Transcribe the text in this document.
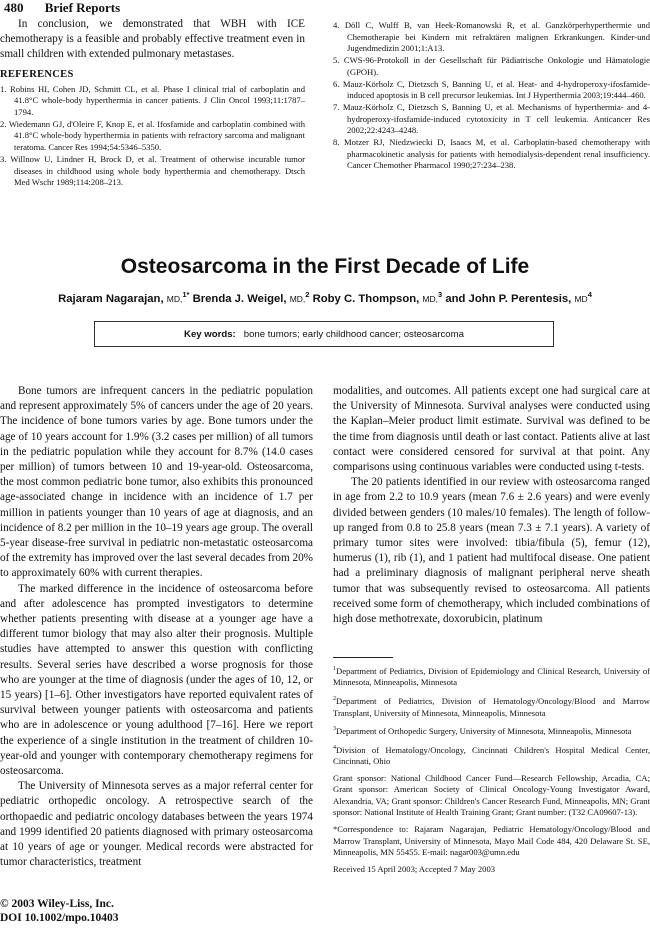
480 Brief Reports

In conclusion, we demonstrated that WBH with ICE chemotherapy is a feasible and probably effective treatment even in small children with extended pulmonary metastases.

REFERENCES

1. Robins HI, Cohen JD, Schmitt CL, et al. Phase I clinical trial of carboplatin and 41.8°C whole-body hyperthermia in cancer patients. J Clin Oncol 1993;11:1787–1794.

2. Wiedemann GJ, d'Oleire F, Knop E, et al. Ifosfamide and carboplatin combined with 41.8°C whole-body hyperthermia in patients with refractory sarcoma and malignant teratoma. Cancer Res 1994;54:5346–5350.

3. Willnow U, Lindner H, Brock D, et al. Treatment of otherwise incurable tumor diseases in childhood using whole body hyperthermia and chemotherapy. Dtsch Med Wschr 1989;114:208–213.

4. Döll C, Wulff B, van Heek-Romanowski R, et al. Ganzkörperhyperthermie und Chemotherapie bei Kindern mit refraktären malignen Erkrankungen. Kinder-und Jugendmedizin 2001;1:A13.

5. CWS-96-Protokoll in der Gesellschaft für Pädiatrische Onkologie und Hämatologie (GPOH).

6. Mauz-Körholz C, Dietzsch S, Banning U, et al. Heat- and 4-hydroperoxy-ifosfamide-induced apoptosis in B cell precursor leukemias. Int J Hyperthermia 2003;19:444–460.

7. Mauz-Körholz C, Dietzsch S, Banning U, et al. Mechanisms of hyperthermia- and 4-hydroperoxy-ifosfamide-induced cytotoxicity in T cell leukemia. Anticancer Res 2002;22:4243–4248.

8. Motzer RJ, Niedzwiecki D, Isaacs M, et al. Carboplatin-based chemotherapy with pharmacokinetic analysis for patients with hemodialysis-dependent renal insufficiency. Cancer Chemother Pharmacol 1990;27:234–238.

Osteosarcoma in the First Decade of Life
Rajaram Nagarajan, MD,$^{1*}$ Brenda J. Weigel, MD,$^2$ Roby C. Thompson, MD,$^3$ and John P. Perentesis, $MD^4$
Key words: bone tumors; early childhood cancer; osteosarcoma

Bone tumors are infrequent cancers in the pediatric population and represent approximately 5% of cancers under the age of 20 years. The incidence of bone tumors varies by age. Bone tumors under the age of 10 years account for 1.9% (3.2 cases per million) of all tumors in the pediatric population while they account for 8.7% (14.0 cases per million) of tumors between 10 and 19-year-old. Osteosarcoma, the most common pediatric bone tumor, also exhibits this pronounced age-associated change in incidence with an incidence of 1.7 per million in patients younger than 10 years of age at diagnosis, and an incidence of 8.2 per million in the 10–19 years age group. The overall 5-year disease-free survival in pediatric non-metastatic osteosarcoma of the extremity has improved over the last several decades from 20% to approximately 60% with current therapies.

The marked difference in the incidence of osteosarcoma before and after adolescence has prompted investigators to determine whether patients presenting with disease at a younger age have a different tumor biology that may also alter their prognosis. Multiple studies have attempted to answer this question with conflicting results. Several series have described a worse prognosis for those who are younger at the time of diagnosis (under the ages of 10, 12, or 15 years) [1–6]. Other investigators have reported equivalent rates of survival between younger patients with osteosarcoma and patients who are in adolescence or young adulthood [7–16]. Here we report the experience of a single institution in the treatment of children 10-year-old and younger with contemporary chemotherapy regimens for osteosarcoma.

The University of Minnesota serves as a major referral center for pediatric orthopedic oncology. A retrospective search of the orthopaedic and pediatric oncology databases between the years 1974 and 1999 identified 20 patients diagnosed with primary osteosarcoma at 10 years of age or younger. Medical records were abstracted for tumor characteristics, treatment

modalities, and outcomes. All patients except one had surgical care at the University of Minnesota. Survival analyses were conducted using the Kaplan–Meier product limit estimate. Survival was defined to be the time from diagnosis until death or last contact. Patients alive at last contact were considered censored for survival at that point. Any comparisons using continuous variables were conducted using t-tests.

The 20 patients identified in our review with osteosarcoma ranged in age from 2.2 to 10.9 years (mean 7.6 ± 2.6 years) and were evenly divided between genders (10 males/10 females). The length of follow-up ranged from 0.8 to 25.8 years (mean 7.3 ± 7.1 years). A variety of primary tumor sites were involved: tibia/fibula (5), femur (12), humerus (1), rib (1), and 1 patient had multifocal disease. One patient had a preliminary diagnosis of malignant peripheral nerve sheath tumor that was subsequently revised to osteosarcoma. All patients received some form of chemotherapy, which included combinations of high dose methotrexate, doxorubicin, platinum

$^1$Department of Pediatrics, Division of Epidemiology and Clinical Research, University of Minnesota, Minneapolis, Minnesota

$^2$Department of Pediatrics, Division of Hematology/Oncology/Blood and Marrow Transplant, University of Minnesota, Minneapolis, Minnesota

$^3$Department of Orthopedic Surgery, University of Minnesota, Minneapolis, Minnesota

$^4$Division of Hematology/Oncology, Cincinnati Children's Hospital Medical Center, Cincinnati, Ohio

Grant sponsor: National Childhood Cancer Fund—Research Fellowship, Arcadia, CA; Grant sponsor: American Society of Clinical Oncology-Young Investigator Award, Alexandria, VA; Grant sponsor: Children's Cancer Research Fund, Minneapolis, MN; Grant sponsor: National Institute of Health Training Grant; Grant number: (T32 CA09607-13).

*Correspondence to: Rajaram Nagarajan, Pediatric Hematology/Oncology/Blood and Marrow Transplant, University of Minnesota, Mayo Mail Code 484, 420 Delaware St. SE, Minneapolis, MN 55455. E-mail: nagar003@umn.edu

Received 15 April 2003; Accepted 7 May 2003

© 2003 Wiley-Liss, Inc.
DOI 10.1002/mpo.10403
